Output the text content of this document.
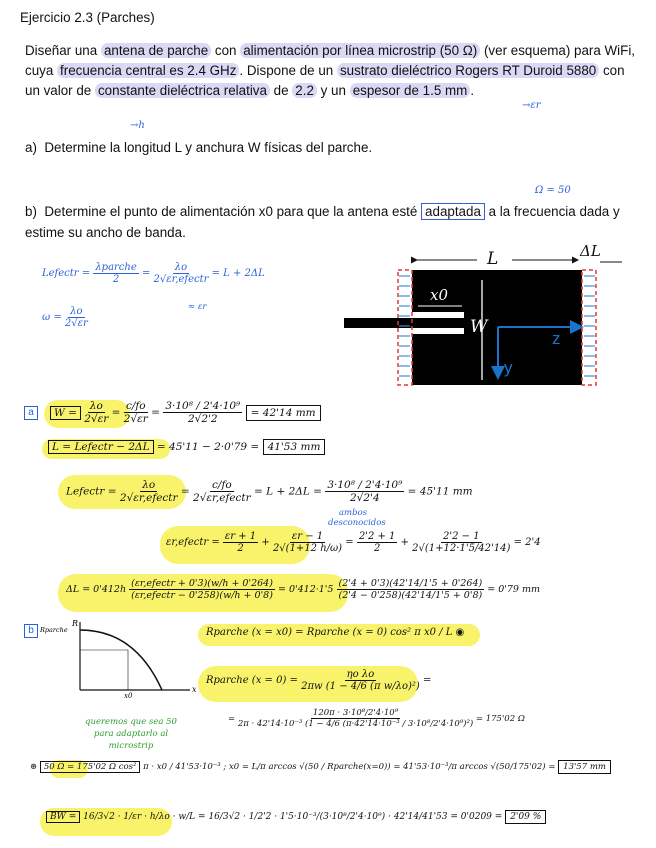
Ejercicio 2.3 (Parches)
Diseñar una antena de parche con alimentación por línea microstrip (50 Ω) (ver esquema) para WiFi, cuya frecuencia central es 2.4 GHz . Dispone de un sustrato dieléctrico Rogers RT Duroid 5880 con un valor de constante dieléctrica relativa de 2.2 y un espesor de 1.5 mm .
→h
→εr
a) Determine la longitud L y anchura W físicas del parche.
Ω = 50
b) Determine el punto de alimentación x0 para que la antena esté adaptada a la frecuencia dada y estime su ancho de banda.
Lefectr = $\frac{\text{λparche}}{2} = \frac{\lambda o}{\text{2√εr,efectr}} = L + 2\Delta L$
≈ εr
$\omega = \frac{\lambda o}{2√\varepsilon r}$
L	ΔL
x0
W
z
y
a	$W = \frac{\lambda o}{2√\varepsilon r} = \frac{c/fo}{2√\varepsilon r} = \frac{\text{3·10⁸ / 2'4·10⁹}}{2√2'2} = 42'14$ mm
L = Lefectr − 2ΔL = 45'11 − 2·0'79 = 41'53 mm
Lefectr = $\frac{\lambda o}{\text{2√εr,efectr}} = \frac{c/fo}{\text{2√εr,efectr}} = L + 2\Delta L = \frac{\text{3·10⁸ / 2'4·10⁹}}{2√2'4} = 45'11$ mm
ambos desconocidos
εr,efectr = $\frac{\varepsilon r + 1}{2} + \frac{\varepsilon r - 1}{2√(1+12 h/\omega)} = \frac{2'2 + 1}{2} + \frac{2'2 - 1}{2√(1+12\cdot 1'5/42'14)} = 2'4$
$\Delta L = 0'412h \frac{\text{(εr,efectr + 0'3)(w/h + 0'264)}}{\text{(εr,efectr − 0'258)(w/h + 0'8)}} = 0'412\cdot 1'5 \frac{(2'4 + 0'3)(42'14/1'5 + 0'264)}{(2'4 - 0'258)(42'14/1'5 + 0'8)} = 0'79$ mm
b
R
Rparche
x
x0
Rparche (x = x0) = Rparche (x = 0) cos² π x0 / L ◉
Rparche $(x = 0) = \frac{\text{ηo λo}}{\text{2πw (1 − 4/6 (π w/λo)²)}}$ =
= $\frac{\text{120π · 3·10⁸/2'4·10⁹}}{\text{2π · 42'14·10⁻³ (1 − 4/6 (π·42'14·10⁻³ / 3·10⁸/2'4·10⁹)²)}} = 175'02$ Ω
queremos que sea 50 para adaptarlo al microstrip
⊛ 50 Ω = 175'02 Ω cos² π · x0 / 41'53·10⁻³ ; x0 = L/π arccos √(50 / Rparche(x=0)) = 41'53·10⁻³/π arccos √(50/175'02) = 13'57 mm
BW = 16/3√2 · 1/εr · h/λo · w/L = 16/3√2 · 1/2'2 · 1'5·10⁻³/(3·10⁸/2'4·10⁹) · 42'14/41'53 = 0'0209 = 2'09 %
